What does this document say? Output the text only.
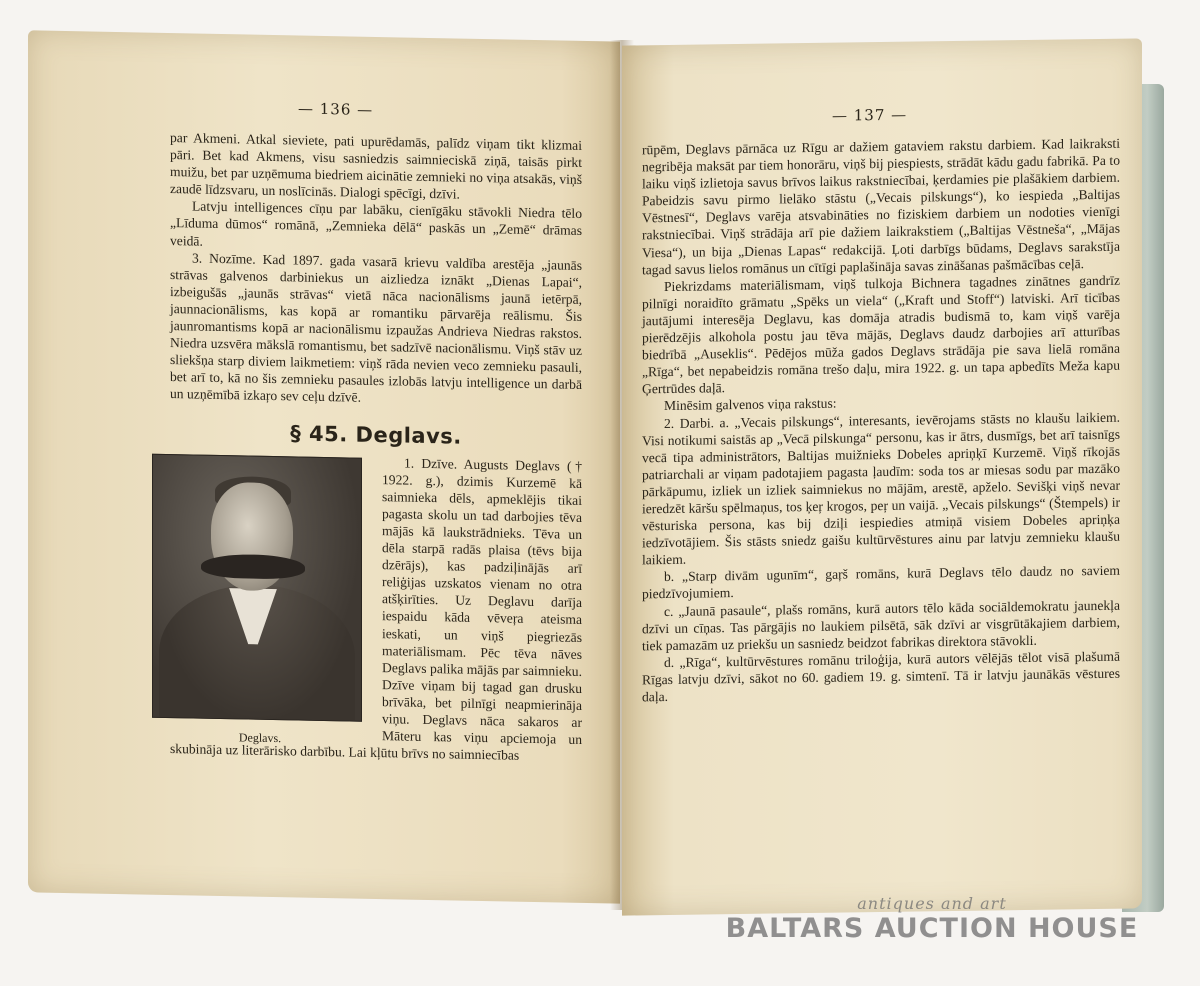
— 136 —

par Akmeni. Atkal sieviete, pati upurēdamās, palīdz viņam tikt klizmai pāri. Bet kad Akmens, visu sasniedzis saimnieciskā ziņā, taisās pirkt muižu, bet par uzņēmuma biedriem aicinātie zemnieki no viņa atsakās, viņš zaudē līdzsvaru, un noslīcinās. Dialogi spēcīgi, dzīvi.

Latvju intelligences cīņu par labāku, cienīgāku stāvokli Niedra tēlo „Līduma dūmos“ romānā, „Zemnieka dēlā“ paskās un „Zemē“ drāmas veidā.

3. Nozīme. Kad 1897. gada vasarā krievu valdība arestēja „jaunās strāvas galvenos darbiniekus un aizliedza iznākt „Dienas Lapai“, izbeigušās „jaunās strāvas“ vietā nāca nacionālisms jaunā ietērpā, jaunnacionālisms, kas kopā ar romantiku pārvarēja reālismu. Šis jaunromantisms kopā ar nacionālismu izpaužas Andrieva Niedras rakstos. Niedra uzsvēra mākslā romantismu, bet sadzīvē nacionālismu. Viņš stāv uz sliekšņa starp diviem laikmetiem: viņš rāda nevien veco zemnieku pasauli, bet arī to, kā no šis zemnieku pasaules izlobās latvju intelligence un darbā un uzņēmībā izkaŗo sev ceļu dzīvē.

§ 45. Deglavs.

Deglavs.

1. Dzīve. Augusts Deglavs († 1922. g.), dzimis Kurzemē kā saimnieka dēls, apmeklējis tikai pagasta skolu un tad darbojies tēva mājās kā laukstrādnieks. Tēva un dēla starpā radās plaisa (tēvs bija dzērājs), kas padziļinājās arī reliģijas uzskatos vienam no otra atšķirīties. Uz Deglavu darīja iespaidu kāda vēveŗa ateisma ieskati, un viņš piegriezās materiālismam. Pēc tēva nāves Deglavs palika mājās par saimnieku. Dzīve viņam bij tagad gan drusku brīvāka, bet pilnīgi neapmierināja viņu. Deglavs nāca sakaros ar Māteru kas viņu apciemoja un skubināja uz literārisko darbību. Lai kļūtu brīvs no saimniecības

— 137 —

rūpēm, Deglavs pārnāca uz Rīgu ar dažiem gataviem rakstu darbiem. Kad laikraksti negribēja maksāt par tiem honorāru, viņš bij piespiests, strādāt kādu gadu fabrikā. Pa to laiku viņš izlietoja savus brīvos laikus rakstniecībai, ķerdamies pie plašākiem darbiem. Pabeidzis savu pirmo lielāko stāstu („Vecais pilskungs“), ko iespieda „Baltijas Vēstnesī“, Deglavs varēja atsvabināties no fiziskiem darbiem un nodoties vienīgi rakstniecībai. Viņš strādāja arī pie dažiem laikrakstiem („Baltijas Vēstneša“, „Mājas Viesa“), un bija „Dienas Lapas“ redakcijā. Ļoti darbīgs būdams, Deglavs sarakstīja tagad savus lielos romānus un cītīgi paplašināja savas zināšanas pašmācības ceļā.

Piekrizdams materiālismam, viņš tulkoja Bichnera tagadnes zinātnes gandrīz pilnīgi noraidīto grāmatu „Spēks un viela“ („Kraft und Stoff“) latviski. Arī ticības jautājumi interesēja Deglavu, kas domāja atradis budismā to, kam viņš varēja pierēdzējis alkohola postu jau tēva mājās, Deglavs daudz darbojies arī atturības biedrībā „Auseklis“. Pēdējos mūža gados Deglavs strādāja pie sava lielā romāna „Rīga“, bet nepabeidzis romāna trešo daļu, mira 1922. g. un tapa apbedīts Meža kapu Ģertrūdes daļā.

Minēsim galvenos viņa rakstus:

2. Darbi. a. „Vecais pilskungs“, interesants, ievērojams stāsts no klaušu laikiem. Visi notikumi saistās ap „Vecā pilskunga“ personu, kas ir ātrs, dusmīgs, bet arī taisnīgs vecā tipa administrātors, Baltijas muižnieks Dobeles apriņķī Kurzemē. Viņš rīkojās patriarchali ar viņam padotajiem pagasta ļaudīm: soda tos ar miesas sodu par mazāko pārkāpumu, izliek un izliek saimniekus no mājām, arestē, apželo. Sevišķi viņš nevar ieredzēt kāršu spēlmaņus, tos ķeŗ krogos, peŗ un vaijā. „Vecais pilskungs“ (Štempels) ir vēsturiska persona, kas bij dziļi iespiedies atmiņā visiem Dobeles apriņķa iedzīvotājiem. Šis stāsts sniedz gaišu kultūrvēstures ainu par latvju zemnieku klaušu laikiem.

b. „Starp divām ugunīm“, gaŗš romāns, kurā Deglavs tēlo daudz no saviem piedzīvojumiem.

c. „Jaunā pasaule“, plašs romāns, kurā autors tēlo kāda sociāldemokratu jaunekļa dzīvi un cīņas. Tas pārgājis no laukiem pilsētā, sāk dzīvi ar visgrūtākajiem darbiem, tiek pamazām uz priekšu un sasniedz beidzot fabrikas direktora stāvokli.

d. „Rīga“, kultūrvēstures romānu triloģija, kurā autors vēlējās tēlot visā plašumā Rīgas latvju dzīvi, sākot no 60. gadiem 19. g. simtenī. Tā ir latvju jaunākās vēstures daļa.

antiques and art
BALTARS AUCTION HOUSE
